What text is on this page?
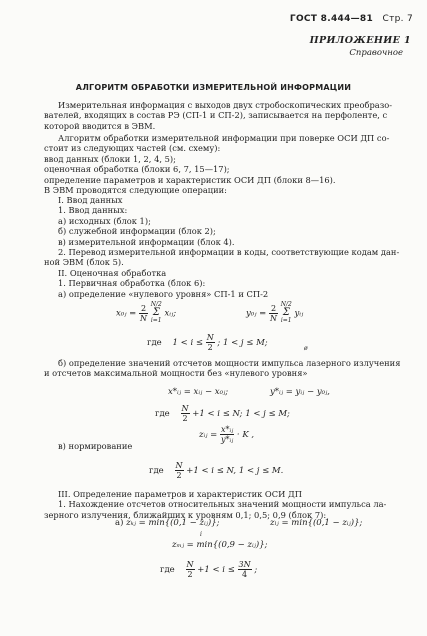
ГОСТ 8.444—81 Стр. 7
ПРИЛОЖЕНИЕ 1
Справочное
АЛГОРИТМ ОБРАБОТКИ ИЗМЕРИТЕЛЬНОЙ ИНФОРМАЦИИ
Измерительная информация с выходов двух стробоскопических преобразо-
вателей, входящих в состав РЭ (СП-1 и СП-2), записывается на перфоленте, с
которой вводится в ЭВМ.
Алгоритм обработки измерительной информации при поверке ОСИ ДП со-
стоит из следующих частей (см. схему):
ввод данных (блоки 1, 2, 4, 5);
оценочная обработка (блоки 6, 7, 15—17);
определение параметров и характеристик ОСИ ДП (блоки 8—16).
В ЭВМ проводятся следующие операции:
I. Ввод данных
1. Ввод данных:
а) исходных (блок 1);
б) служебной информации (блок 2);
в) измерительной информации (блок 4).
2. Перевод измерительной информации в коды, соответствующие кодам дан-
ной ЭВМ (блок 5).
II. Оценочная обработка
1. Первичная обработка (блок 6):
а) определение «нулевого уровня» СП-1 и СП-2
x₀ⱼ = $\frac{2}{N}$
N/2
Σ
i=1
xᵢⱼ;	y₀ⱼ = $\frac{2}{N}$
N/2
Σ
i=1
yᵢⱼ
где $1 < i \le \frac{N}{2}$ ; 1 < j ≤ M;
ø
б) определение значений отсчетов мощности импульса лазерного излучения
и отсчетов максимальной мощности без «нулевого уровня»
x*ᵢⱼ = xᵢⱼ − x₀ⱼ;	y*ᵢⱼ = yᵢⱼ − y₀ⱼ,
где $\frac{N}{2} +1 < i \le N$; 1 < j ≤ M;
в) нормирование
zᵢⱼ = $\frac{\text{x*ᵢⱼ}}{\text{y*ᵢⱼ}} \cdot K$ ,
где $\frac{N}{2} +1 < i \le N$, 1 < j ≤ M.
III. Определение параметров и характеристик ОСИ ДП
1. Нахождение отсчетов относительных значений мощности импульса ла-
зерного излучения, ближайших к уровням 0,1; 0,5; 0,9 (блок 7):
а) zₖⱼ = min{(0,1 − zᵢⱼ)};	zₗⱼ = min{(0,1 − zᵢⱼ)};
i
zₘⱼ = min{(0,9 − zᵢⱼ)};
где $\frac{N}{2} +1 < i \le \frac{3N}{4}$ ;
